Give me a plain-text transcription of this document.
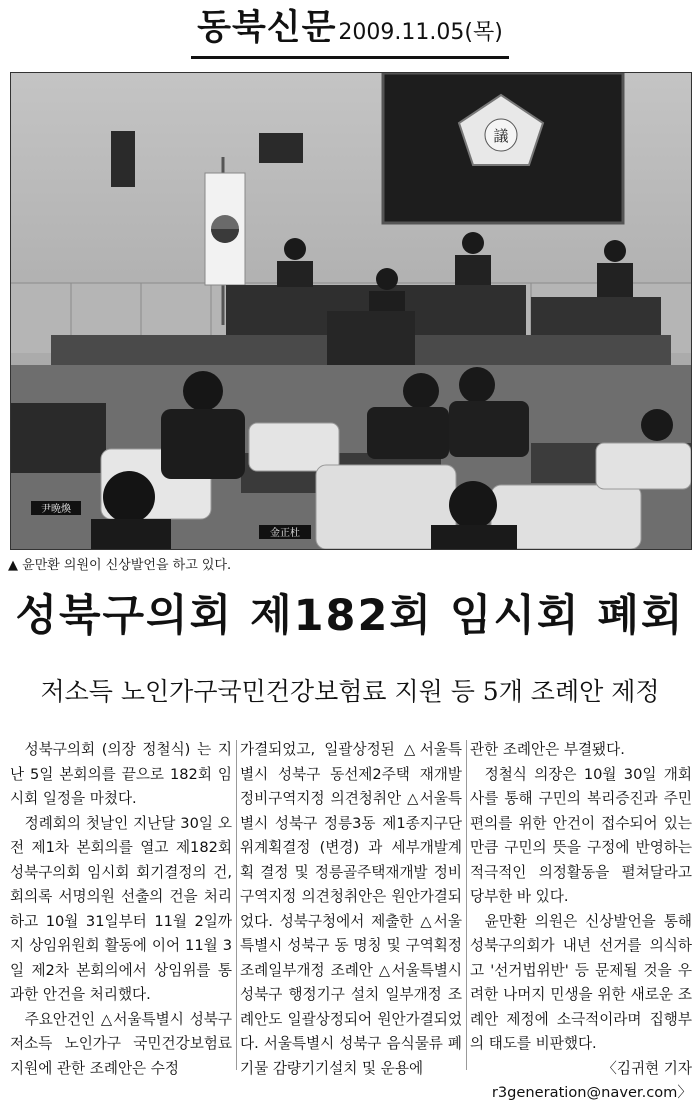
동북신문2009.11.05(목)
議
尹晩煥
金正杜
▲ 윤만환 의원이 신상발언을 하고 있다.
성북구의회 제182회 임시회 폐회
저소득 노인가구국민건강보험료 지원 등 5개 조례안 제정

성북구의회 (의장 정철식) 는 지난 5일 본회의를 끝으로 182회 임시회 일정을 마쳤다.

정례회의 첫날인 지난달 30일 오전 제1차 본회의를 열고 제182회 성북구의회 임시회 회기결정의 건, 회의록 서명의원 선출의 건을 처리하고 10월 31일부터 11월 2일까지 상임위원회 활동에 이어 11월 3일 제2차 본회의에서 상임위를 통과한 안건을 처리했다.

주요안건인 △서울특별시 성북구 저소득 노인가구 국민건강보험료 지원에 관한 조례안은 수정

가결되었고, 일괄상정된 △서울특별시 성북구 동선제2주택 재개발 정비구역지정 의견청취안 △서울특별시 성북구 정릉3동 제1종지구단위계획결정 (변경) 과 세부개발계획 결정 및 정릉골주택재개발 정비구역지정 의견청취안은 원안가결되었다. 성북구청에서 제출한 △서울특별시 성북구 동 명칭 및 구역획정 조례일부개정 조례안 △서울특별시 성북구 행정기구 설치 일부개정 조례안도 일괄상정되어 원안가결되었다. 서울특별시 성북구 음식물류 폐기물 감량기기설치 및 운용에

관한 조례안은 부결됐다.

정철식 의장은 10월 30일 개회사를 통해 구민의 복리증진과 주민편의를 위한 안건이 접수되어 있는 만큼 구민의 뜻을 구정에 반영하는 적극적인 의정활동을 펼쳐달라고 당부한 바 있다.

윤만환 의원은 신상발언을 통해 성북구의회가 내년 선거를 의식하고 '선거법위반' 등 문제될 것을 우려한 나머지 민생을 위한 새로운 조례안 제정에 소극적이라며 집행부의 태도를 비판했다.

〈김귀현 기자 r3generation@naver.com〉
